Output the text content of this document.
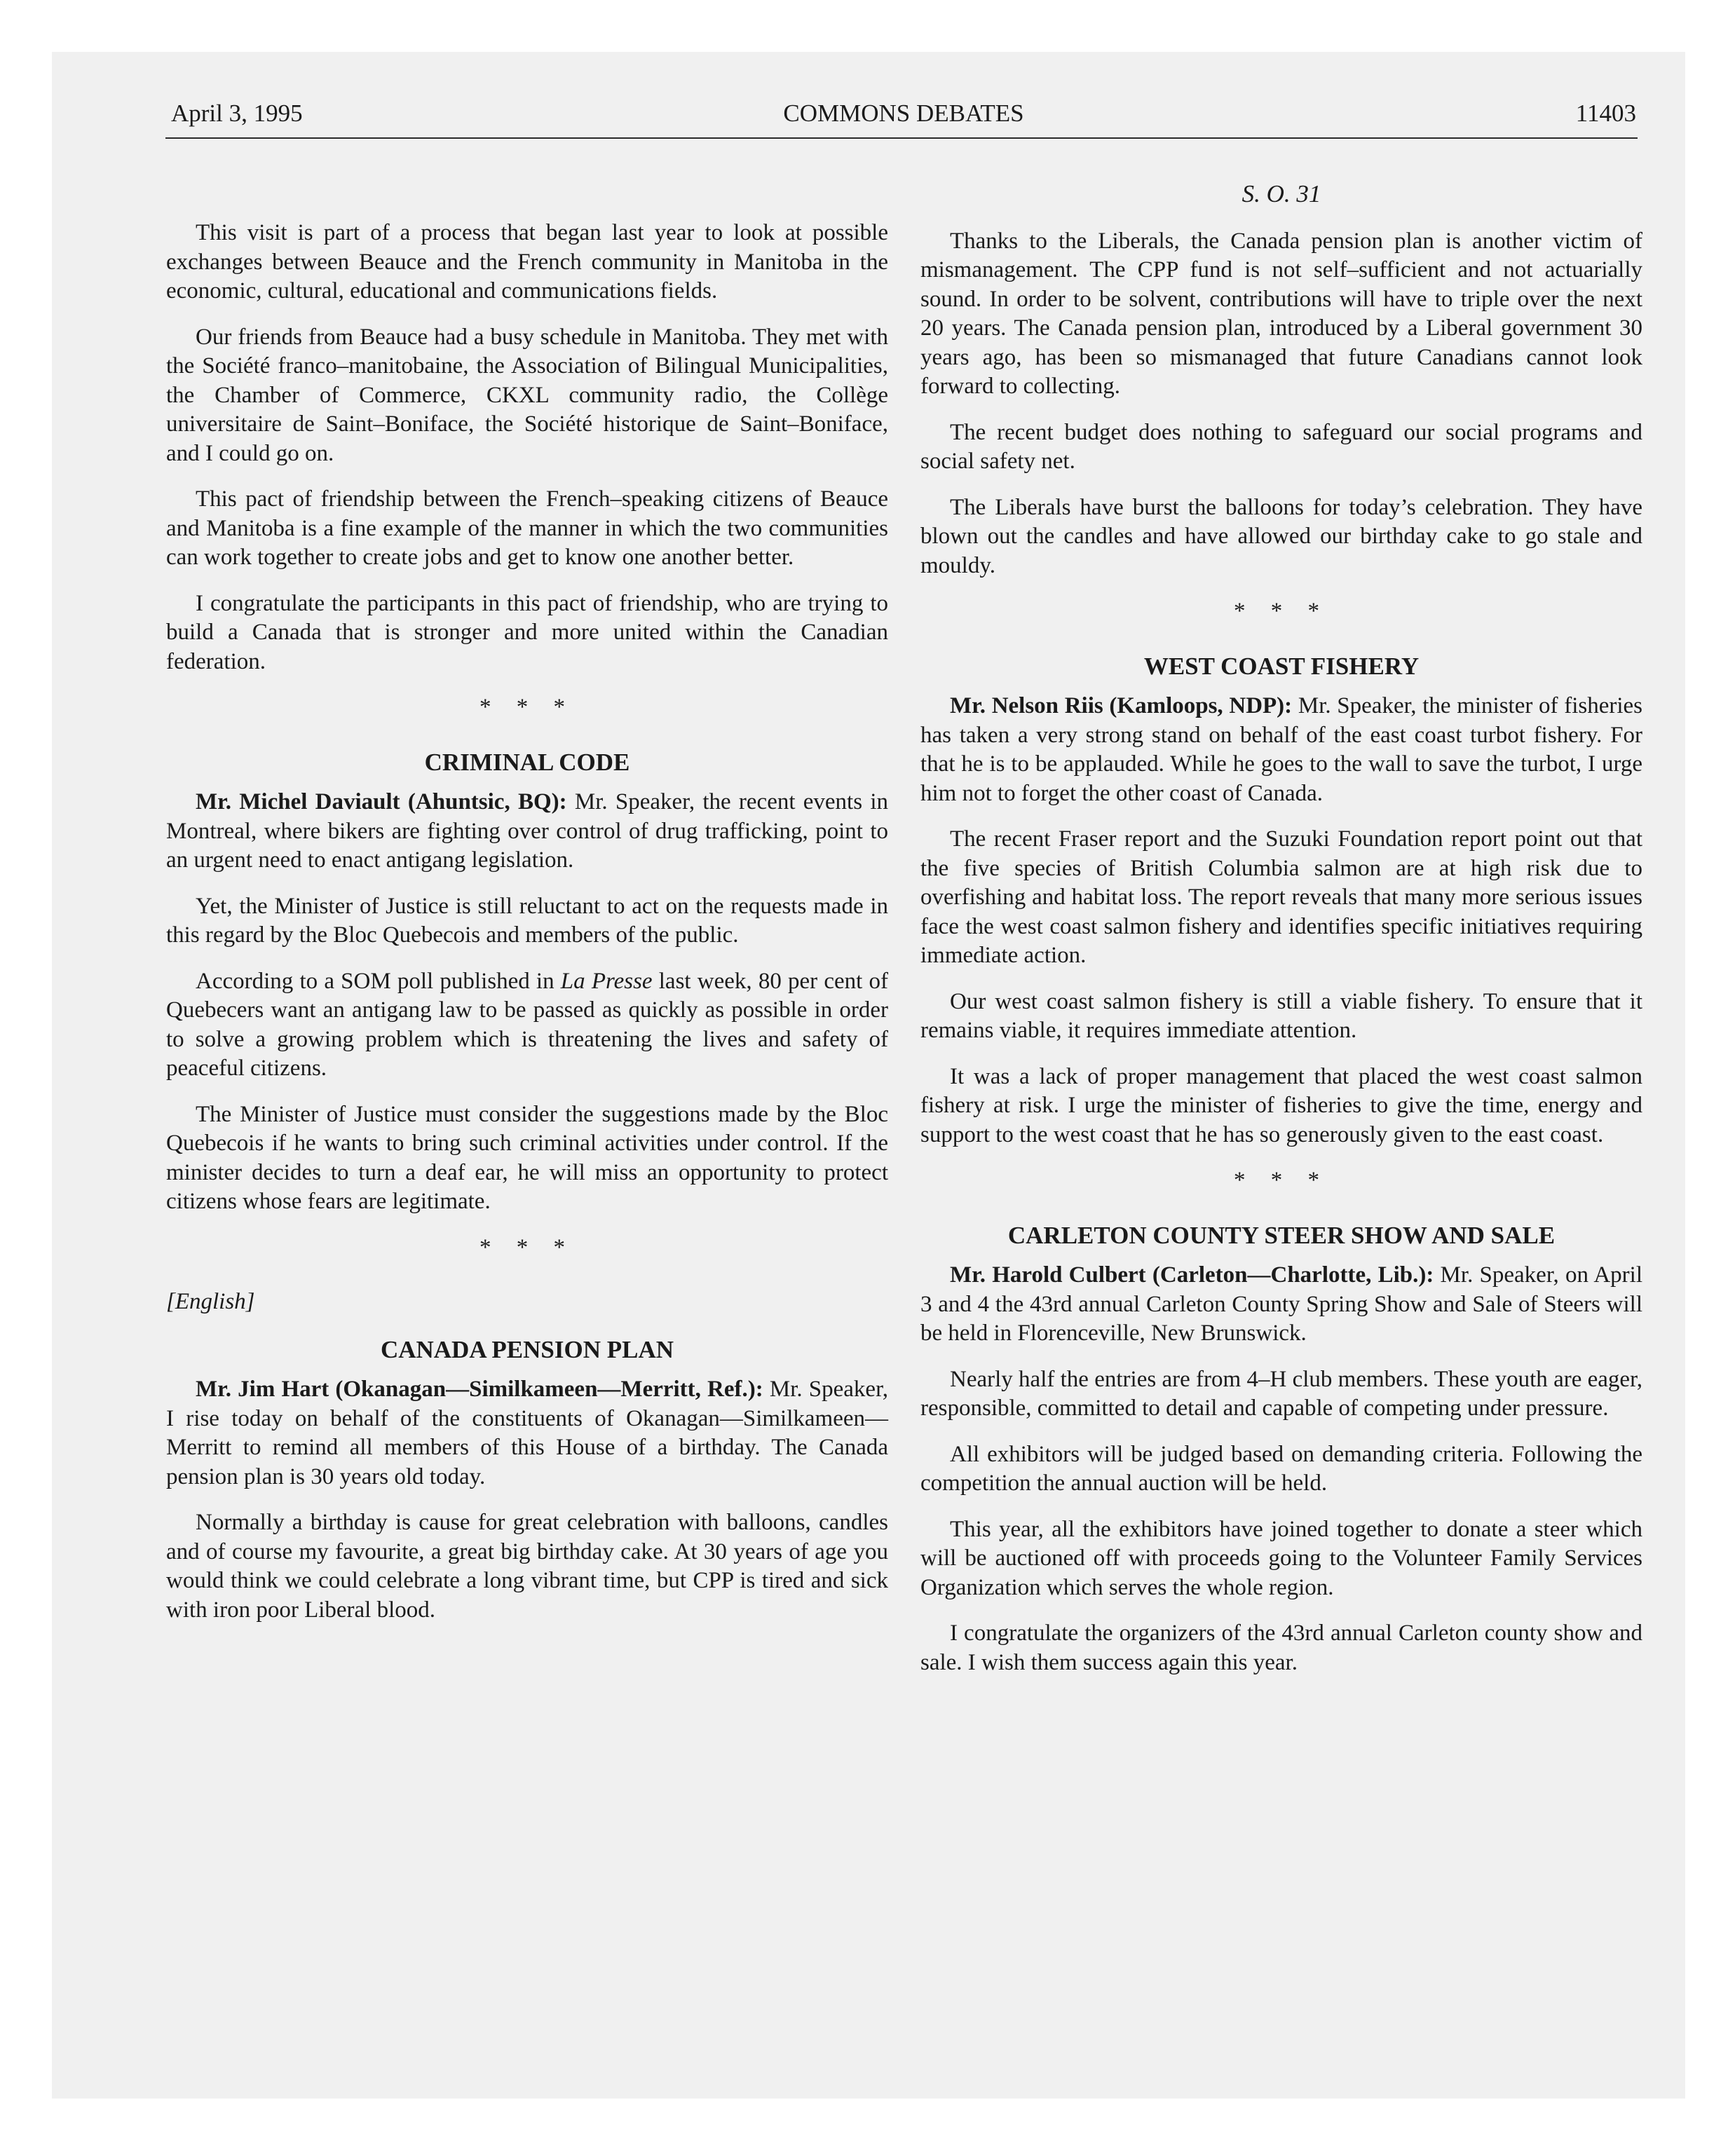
April 3, 1995	COMMONS DEBATES	11403

This visit is part of a process that began last year to look at possible exchanges between Beauce and the French community in Manitoba in the economic, cultural, educational and communications fields.

Our friends from Beauce had a busy schedule in Manitoba. They met with the Société franco–manitobaine, the Association of Bilingual Municipalities, the Chamber of Commerce, CKXL community radio, the Collège universitaire de Saint–Boniface, the Société historique de Saint–Boniface, and I could go on.

This pact of friendship between the French–speaking citizens of Beauce and Manitoba is a fine example of the manner in which the two communities can work together to create jobs and get to know one another better.

I congratulate the participants in this pact of friendship, who are trying to build a Canada that is stronger and more united within the Canadian federation.

* * *
CRIMINAL CODE

Mr. Michel Daviault (Ahuntsic, BQ): Mr. Speaker, the recent events in Montreal, where bikers are fighting over control of drug trafficking, point to an urgent need to enact antigang legislation.

Yet, the Minister of Justice is still reluctant to act on the requests made in this regard by the Bloc Quebecois and members of the public.

According to a SOM poll published in La Presse last week, 80 per cent of Quebecers want an antigang law to be passed as quickly as possible in order to solve a growing problem which is threatening the lives and safety of peaceful citizens.

The Minister of Justice must consider the suggestions made by the Bloc Quebecois if he wants to bring such criminal activities under control. If the minister decides to turn a deaf ear, he will miss an opportunity to protect citizens whose fears are legitimate.

* * *

[English]

CANADA PENSION PLAN

Mr. Jim Hart (Okanagan—Similkameen—Merritt, Ref.): Mr. Speaker, I rise today on behalf of the constituents of Okanagan—Similkameen—Merritt to remind all members of this House of a birthday. The Canada pension plan is 30 years old today.

Normally a birthday is cause for great celebration with balloons, candles and of course my favourite, a great big birthday cake. At 30 years of age you would think we could celebrate a long vibrant time, but CPP is tired and sick with iron poor Liberal blood.

S. O. 31

Thanks to the Liberals, the Canada pension plan is another victim of mismanagement. The CPP fund is not self–sufficient and not actuarially sound. In order to be solvent, contributions will have to triple over the next 20 years. The Canada pension plan, introduced by a Liberal government 30 years ago, has been so mismanaged that future Canadians cannot look forward to collecting.

The recent budget does nothing to safeguard our social programs and social safety net.

The Liberals have burst the balloons for today’s celebration. They have blown out the candles and have allowed our birthday cake to go stale and mouldy.

* * *
WEST COAST FISHERY

Mr. Nelson Riis (Kamloops, NDP): Mr. Speaker, the minister of fisheries has taken a very strong stand on behalf of the east coast turbot fishery. For that he is to be applauded. While he goes to the wall to save the turbot, I urge him not to forget the other coast of Canada.

The recent Fraser report and the Suzuki Foundation report point out that the five species of British Columbia salmon are at high risk due to overfishing and habitat loss. The report reveals that many more serious issues face the west coast salmon fishery and identifies specific initiatives requiring immediate action.

Our west coast salmon fishery is still a viable fishery. To ensure that it remains viable, it requires immediate attention.

It was a lack of proper management that placed the west coast salmon fishery at risk. I urge the minister of fisheries to give the time, energy and support to the west coast that he has so generously given to the east coast.

* * *
CARLETON COUNTY STEER SHOW AND SALE

Mr. Harold Culbert (Carleton—Charlotte, Lib.): Mr. Speaker, on April 3 and 4 the 43rd annual Carleton County Spring Show and Sale of Steers will be held in Florenceville, New Brunswick.

Nearly half the entries are from 4–H club members. These youth are eager, responsible, committed to detail and capable of competing under pressure.

All exhibitors will be judged based on demanding criteria. Following the competition the annual auction will be held.

This year, all the exhibitors have joined together to donate a steer which will be auctioned off with proceeds going to the Volunteer Family Services Organization which serves the whole region.

I congratulate the organizers of the 43rd annual Carleton county show and sale. I wish them success again this year.
